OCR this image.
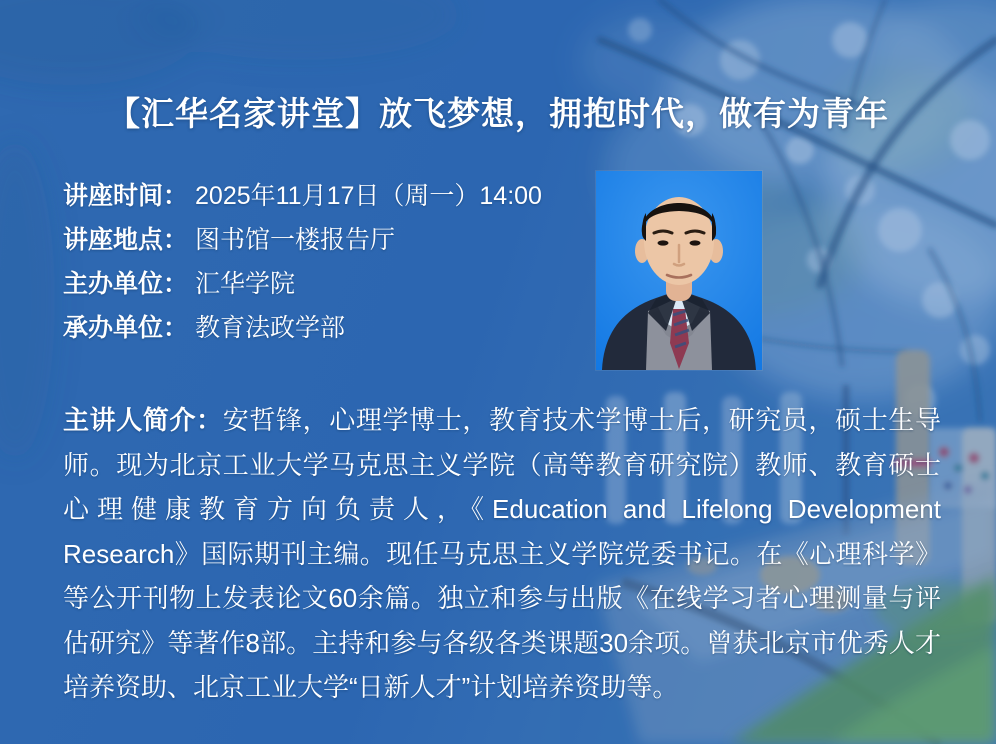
【汇华名家讲堂】放飞梦想，拥抱时代，做有为青年
讲座时间： 2025年11月17日（周一）14:00
讲座地点： 图书馆一楼报告厅
主办单位： 汇华学院
承办单位： 教育法政学部

主讲人简介：安哲锋，心理学博士，教育技术学博士后，研究员，硕士生导师。现为北京工业大学马克思主义学院（高等教育研究院）教师、教育硕士心理健康教育方向负责人，《Education and Lifelong Development Research》国际期刊主编。现任马克思主义学院党委书记。在《心理科学》等公开刊物上发表论文60余篇。独立和参与出版《在线学习者心理测量与评估研究》等著作8部。主持和参与各级各类课题30余项。曾获北京市优秀人才培养资助、北京工业大学“日新人才”计划培养资助等。
